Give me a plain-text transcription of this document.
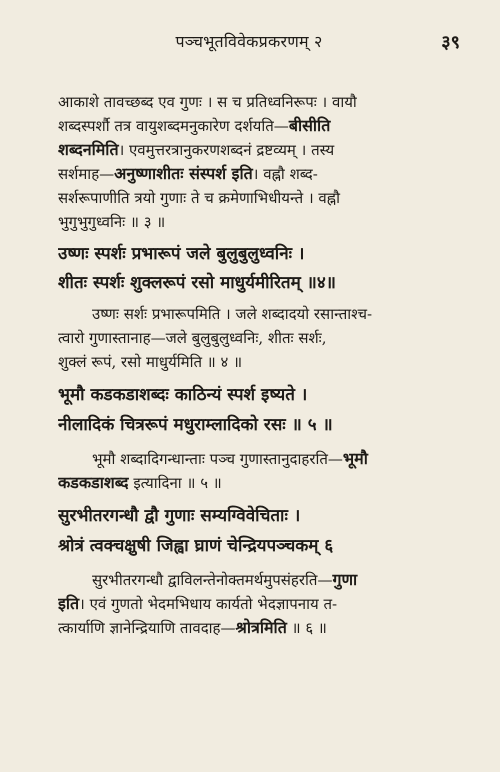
पञ्चभूतविवेकप्रकरणम् २	३९
आकाशे तावच्छब्द एव गुणः । स च प्रतिध्वनिरूपः । वायौ
शब्दस्पर्शौ तत्र वायुशब्दमनुकारेण दर्शयति—बीसीति
शब्दनमिति। एवमुत्तरत्रानुकरणशब्दनं द्रष्टव्यम् । तस्य
सर्शमाह—अनुष्णाशीतः संस्पर्श इति। वह्नौ शब्द-
सर्शरूपाणीति त्रयो गुणाः ते च क्रमेणाभिधीयन्ते । वह्नौ
भुगुभुगुध्वनिः ॥ ३ ॥
उष्णः स्पर्शः प्रभारूपं जले बुलुबुलुध्वनिः ।
शीतः स्पर्शः शुक्लरूपं रसो माधुर्यमीरितम् ॥४॥
उष्णः सर्शः प्रभारूपमिति । जले शब्दादयो रसान्ताश्च-
त्वारो गुणास्तानाह—जले बुलुबुलुध्वनिः, शीतः सर्शः,
शुक्लं रूपं, रसो माधुर्यमिति ॥ ४ ॥
भूमौ कडकडाशब्दः काठिन्यं स्पर्श इष्यते ।
नीलादिकं चित्ररूपं मधुराम्लादिको रसः ॥ ५ ॥
भूमौ शब्दादिगन्धान्ताः पञ्च गुणास्तानुदाहरति—भूमौ
कडकडाशब्द इत्यादिना ॥ ५ ॥
सुरभीतरगन्धौ द्वौ गुणाः सम्यग्विवेचिताः ।
श्रोत्रं त्वक्चक्षुषी जिह्वा घ्राणं चेन्द्रियपञ्चकम् ६
सुरभीतरगन्धौ द्वाविलन्तेनोक्तमर्थमुपसंहरति—गुणा
इति। एवं गुणतो भेदमभिधाय कार्यतो भेदज्ञापनाय त-
त्कार्याणि ज्ञानेन्द्रियाणि तावदाह—श्रोत्रमिति ॥ ६ ॥
